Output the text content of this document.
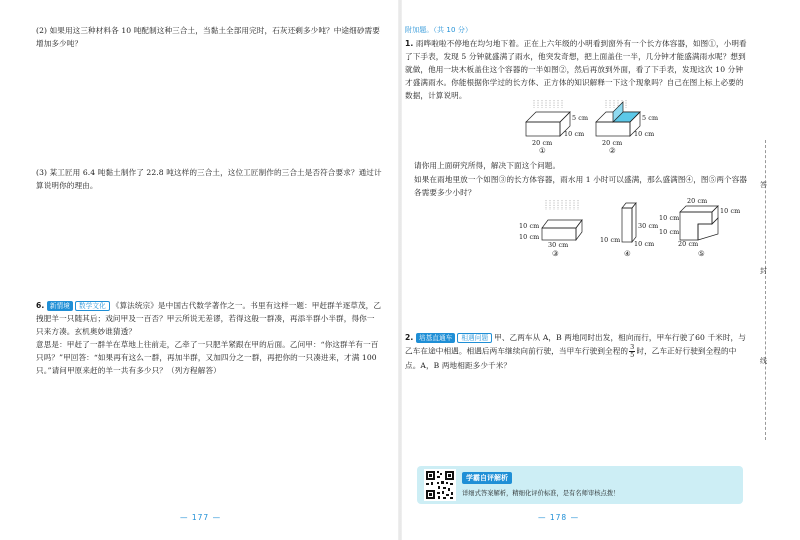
(2) 如果用这三种材料各 10 吨配制这种三合土，当黏土全部用完时，石灰还剩多少吨？中途细砂需要增加多少吨？

(3) 某工匠用 6.4 吨黏土制作了 22.8 吨这样的三合土，这位工匠制作的三合土是否符合要求？通过计算说明你的理由。

6. 新情境 数学文化 《算法统宗》是中国古代数学著作之一。书里有这样一题：甲赶群羊逐草茂，乙拽肥羊一只随其后；戏问甲及一百否？甲云所说无差谬，若得这般一群凑，再添半群小半群，得你一只来方凑。玄机奥妙谁猜透？

意思是：甲赶了一群羊在草地上往前走，乙牵了一只肥羊紧跟在甲的后面。乙问甲：“你这群羊有一百只吗？”甲回答：“如果再有这么一群，再加半群，又加四分之一群，再把你的一只凑进来，才满 100 只。”请问甲原来赶的羊一共有多少只？（列方程解答）

— 177 —
附加题。（共 10 分）

1. 雨哗啦啦不停地在均匀地下着。正在上六年级的小明看到窗外有一个长方体容器，如图①，小明看了下手表，发现 5 分钟就盛满了雨水，他突发奇想，把上面盖住一半，几分钟才能盛满雨水呢？想到就做，他用一块木板盖住这个容器的一半如图②，然后再放到外面，看了下手表，发现这次 10 分钟才盛满雨水。你能根据你学过的长方体、正方体的知识解释一下这个现象吗？自己在图上标上必要的数据，计算说明。

5 cm
10 cm
20 cm
①
5 cm
10 cm
20 cm
②
请你用上面研究所得，解决下面这个问题。
如果在雨地里放一个如图③的长方体容器，雨水用 1 小时可以盛满，那么盛满图④，图⑤两个容器各需要多少小时？
10 cm
10 cm
30 cm
③
30 cm
10 cm 10 cm
④
20 cm
10 cm
10 cm
10 cm
20 cm
⑤

2. 培基直通车 相遇问题 甲、乙两车从 A，B 两地同时出发，相向而行，甲车行驶了60 千米时，与乙车在途中相遇。相遇后两车继续向前行驶，当甲车行驶到全程的 $\frac{3}{5}$ 时，乙车正好行驶到全程的中点。A，B 两地相距多少千米？

— 178 —
答
封
线
学霸自评解析
详细式答案解析，精细化评价标准，是有名师审核点拨！
